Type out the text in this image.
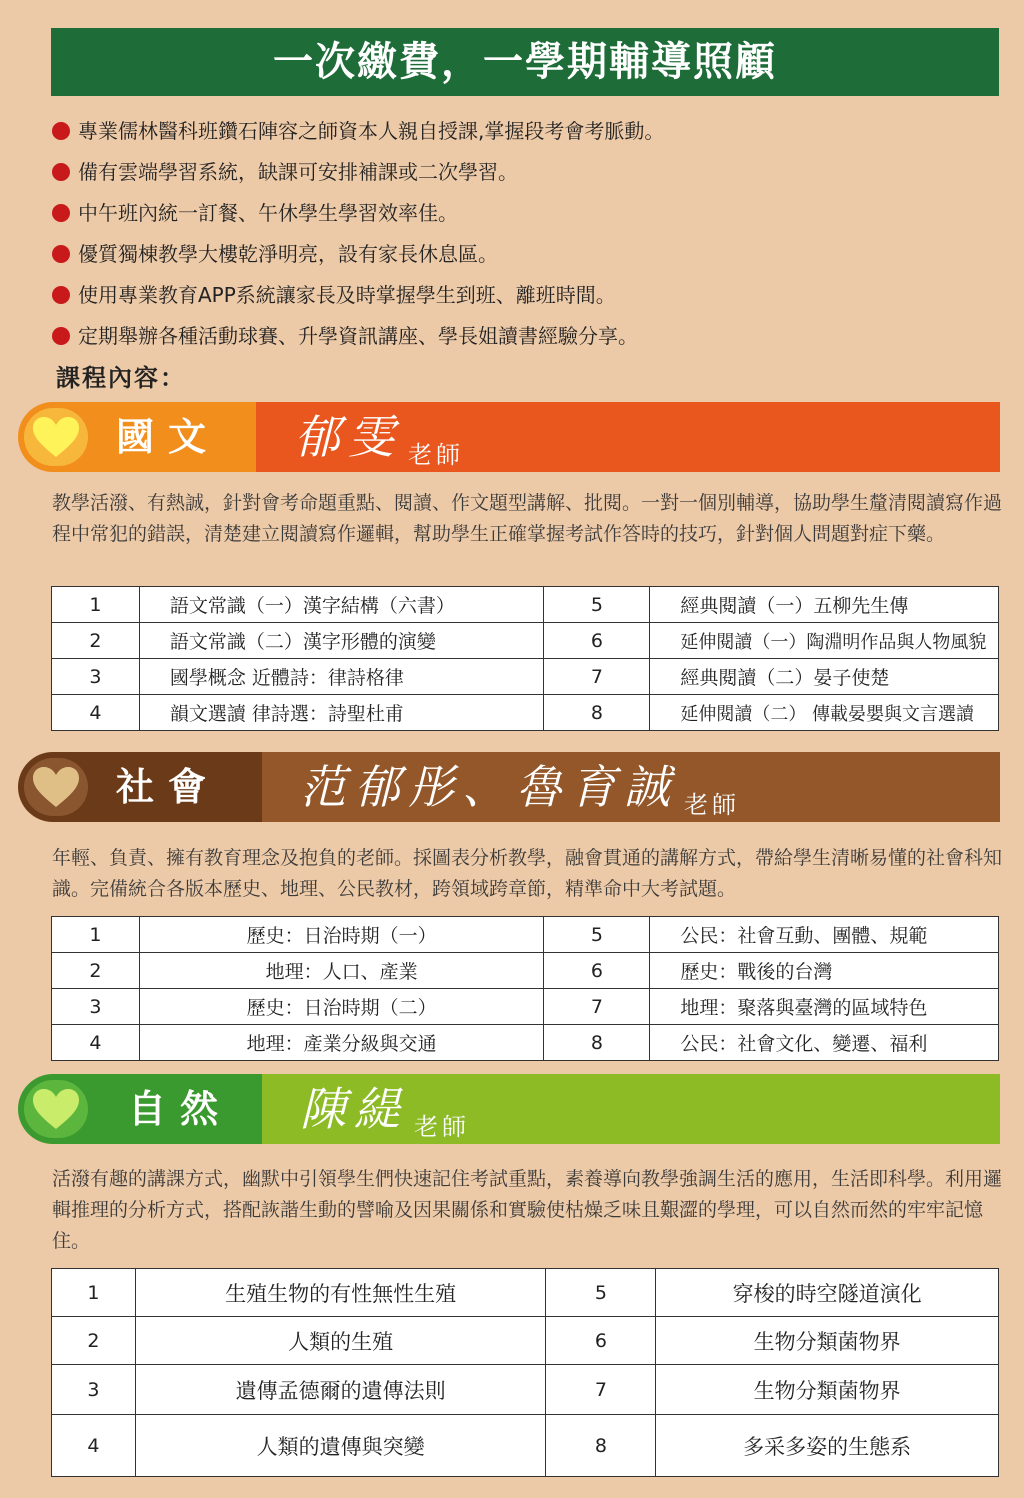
一次繳費，一學期輔導照顧
專業儒林醫科班鑽石陣容之師資本人親自授課,掌握段考會考脈動。
備有雲端學習系統，缺課可安排補課或二次學習。
中午班內統一訂餐、午休學生學習效率佳。
優質獨棟教學大樓乾淨明亮，設有家長休息區。
使用專業教育APP系統讓家長及時掌握學生到班、離班時間。
定期舉辦各種活動球賽、升學資訊講座、學長姐讀書經驗分享。
課程內容：
國文 郁雯 $_{老師}$
教學活潑、有熱誠，針對會考命題重點、閱讀、作文題型講解、批閱。一對一個別輔導，協助學生釐清閱讀寫作過程中常犯的錯誤，清楚建立閱讀寫作邏輯，幫助學生正確掌握考試作答時的技巧，針對個人問題對症下藥。
1	語文常識（一）漢字結構（六書）	5	經典閱讀（一）五柳先生傳
2	語文常識（二）漢字形體的演變	6	延伸閱讀（一）陶淵明作品與人物風貌
3	國學概念 近體詩：律詩格律	7	經典閱讀（二）晏子使楚
4	韻文選讀 律詩選：詩聖杜甫	8	延伸閱讀（二） 傳載晏嬰與文言選讀
社會 范郁彤、魯育誠 $_{老師}$
年輕、負責、擁有教育理念及抱負的老師。採圖表分析教學，融會貫通的講解方式，帶給學生清晰易懂的社會科知識。完備統合各版本歷史、地理、公民教材，跨領域跨章節，精準命中大考試題。
1	歷史：日治時期（一）	5	公民：社會互動、團體、規範
2	地理：人口、產業	6	歷史：戰後的台灣
3	歷史：日治時期（二）	7	地理：聚落與臺灣的區域特色
4	地理：產業分級與交通	8	公民：社會文化、變遷、福利
自然 陳緹 $_{老師}$
活潑有趣的講課方式，幽默中引領學生們快速記住考試重點，素養導向教學強調生活的應用，生活即科學。利用邏輯推理的分析方式，搭配詼諧生動的譬喻及因果關係和實驗使枯燥乏味且艱澀的學理，可以自然而然的牢牢記憶住。
1	生殖生物的有性無性生殖	5	穿梭的時空隧道演化
2	人類的生殖	6	生物分類菌物界
3	遺傳孟德爾的遺傳法則	7	生物分類菌物界
4	人類的遺傳與突變	8	多采多姿的生態系
